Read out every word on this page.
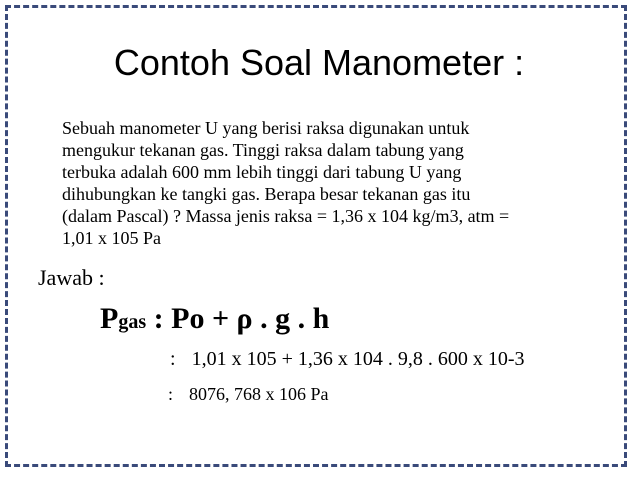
Contoh Soal Manometer :
Sebuah manometer U yang berisi raksa digunakan untuk
mengukur tekanan gas. Tinggi raksa dalam tabung yang
terbuka adalah 600 mm lebih tinggi dari tabung U yang
dihubungkan ke tangki gas. Berapa besar tekanan gas itu
(dalam Pascal) ? Massa jenis raksa = 1,36 x 104 kg/m3, atm =
1,01 x 105 Pa
Jawab :
Pgas : Po + ρ . g . h
: 1,01 x 105 + 1,36 x 104 . 9,8 . 600 x 10-3
: 8076, 768 x 106 Pa
